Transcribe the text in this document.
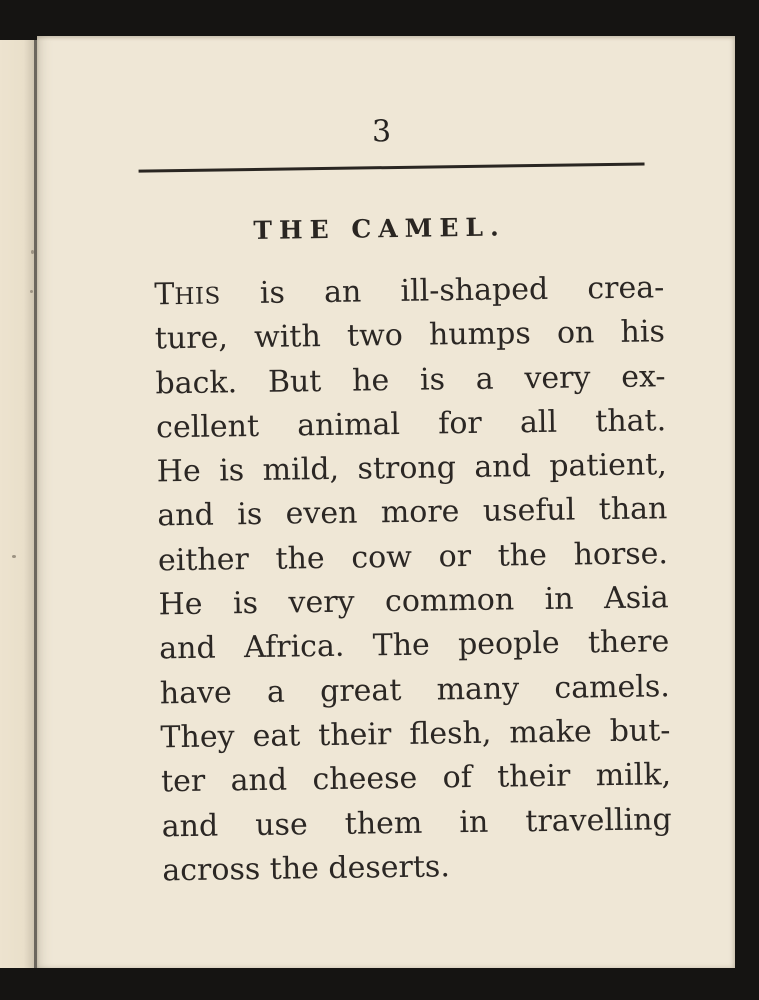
3
THE CAMEL.
THIS is an ill-shaped crea-
ture, with two humps on his
back. But he is a very ex-
cellent animal for all that.
He is mild, strong and patient,
and is even more useful than
either the cow or the horse.
He is very common in Asia
and Africa. The people there
have a great many camels.
They eat their flesh, make but-
ter and cheese of their milk,
and use them in travelling
across the deserts.
